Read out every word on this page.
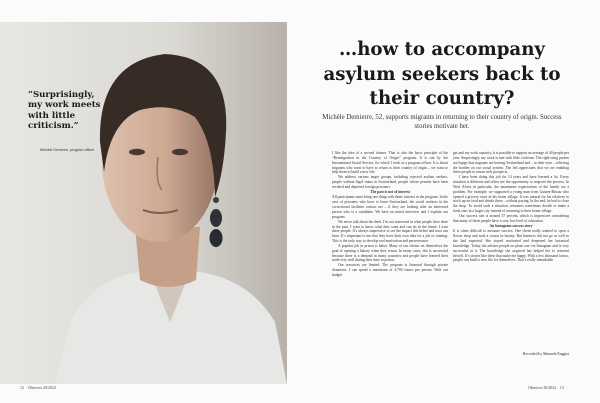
“Surprisingly, my work meets with little criticism.”
Michèle Demierre, program officer
12 Observer 20/2024
…how to accompany asylum seekers back to their country?
Michèle Demierre, 52, supports migrants in returning to their country of origin. Success stories motivate her.

I like the idea of a second chance. That is also the basic principle of the “Reintegration in the Country of Origin” program. It is run by the International Social Service, for which I work as a program officer. It is about migrants who want or have to return to their country of origin – we want to help them to build a new life.

We address various target groups, including rejected asylum seekers, people without legal status in Switzerland, people whose permits have been revoked and deported foreign prisoners.

The past is not of interest

All participants must bring one thing with them: interest in the program. In the case of prisoners who have to leave Switzerland, the social workers in the correctional facilities contact me – if they are looking after an interested person who is a candidate. We have an initial interview and I explain our program.

We never talk about the deed. I’m not interested in what people have done in the past. I want to know what they want and can do in the future. I trust these people. It’s always impressive to see the impact this belief and trust can have. It’s important to me that they have their own idea for a job or training. This is the only way to develop real motivation and perseverance.

A popular job in prison is baker. Many of our clients set themselves the goal of opening a bakery when they return. In many cases, this is successful because there is a demand in many countries and people have learned their trade very well during their time in prison.

Our resources are limited. The program is financed through private donations. I can spend a maximum of 4,700 francs per person. With our budget

get and my work capacity, it is possible to support an average of 40 people per year. Surprisingly, my work is met with little criticism. The right-wing parties are happy that migrants are leaving Switzerland and – in their eyes – relieving the burden on our social system. The left appreciates that we are enabling these people to return with prospects.

I have been doing this job for 14 years and have learned a lot. Every situation is different and offers me the opportunity to improve the process. In West Africa in particular, the unanimous expectations of the family are a problem. For example, we supported a young man from Guinea-Bissau who opened a grocery store in his home village. It was natural for his relatives to stock up on food and drinks there – without paying. In the end, he had to close the shop. To avoid such a situation, returnees sometimes decide to make a fresh start in a larger city instead of returning to their home village.

Our success rate is around 57 percent, which is impressive considering that many of these people have a very low level of education.

An Instagram success story

It is often difficult to measure success. One client really wanted to open a flower shop and took a course in botany. But business did not go as well as she had expected. She stayed motivated and deepened her botanical knowledge. Today she advises people on plant care via Instagram and is very successful at it. The knowledge she acquired has helped her to reinvent herself. It’s stories like these that make me happy. With a few thousand francs, people can build a new life for themselves. That’s really remarkable.

Recorded by Manuela Enggist
Observer 20/2024 13
